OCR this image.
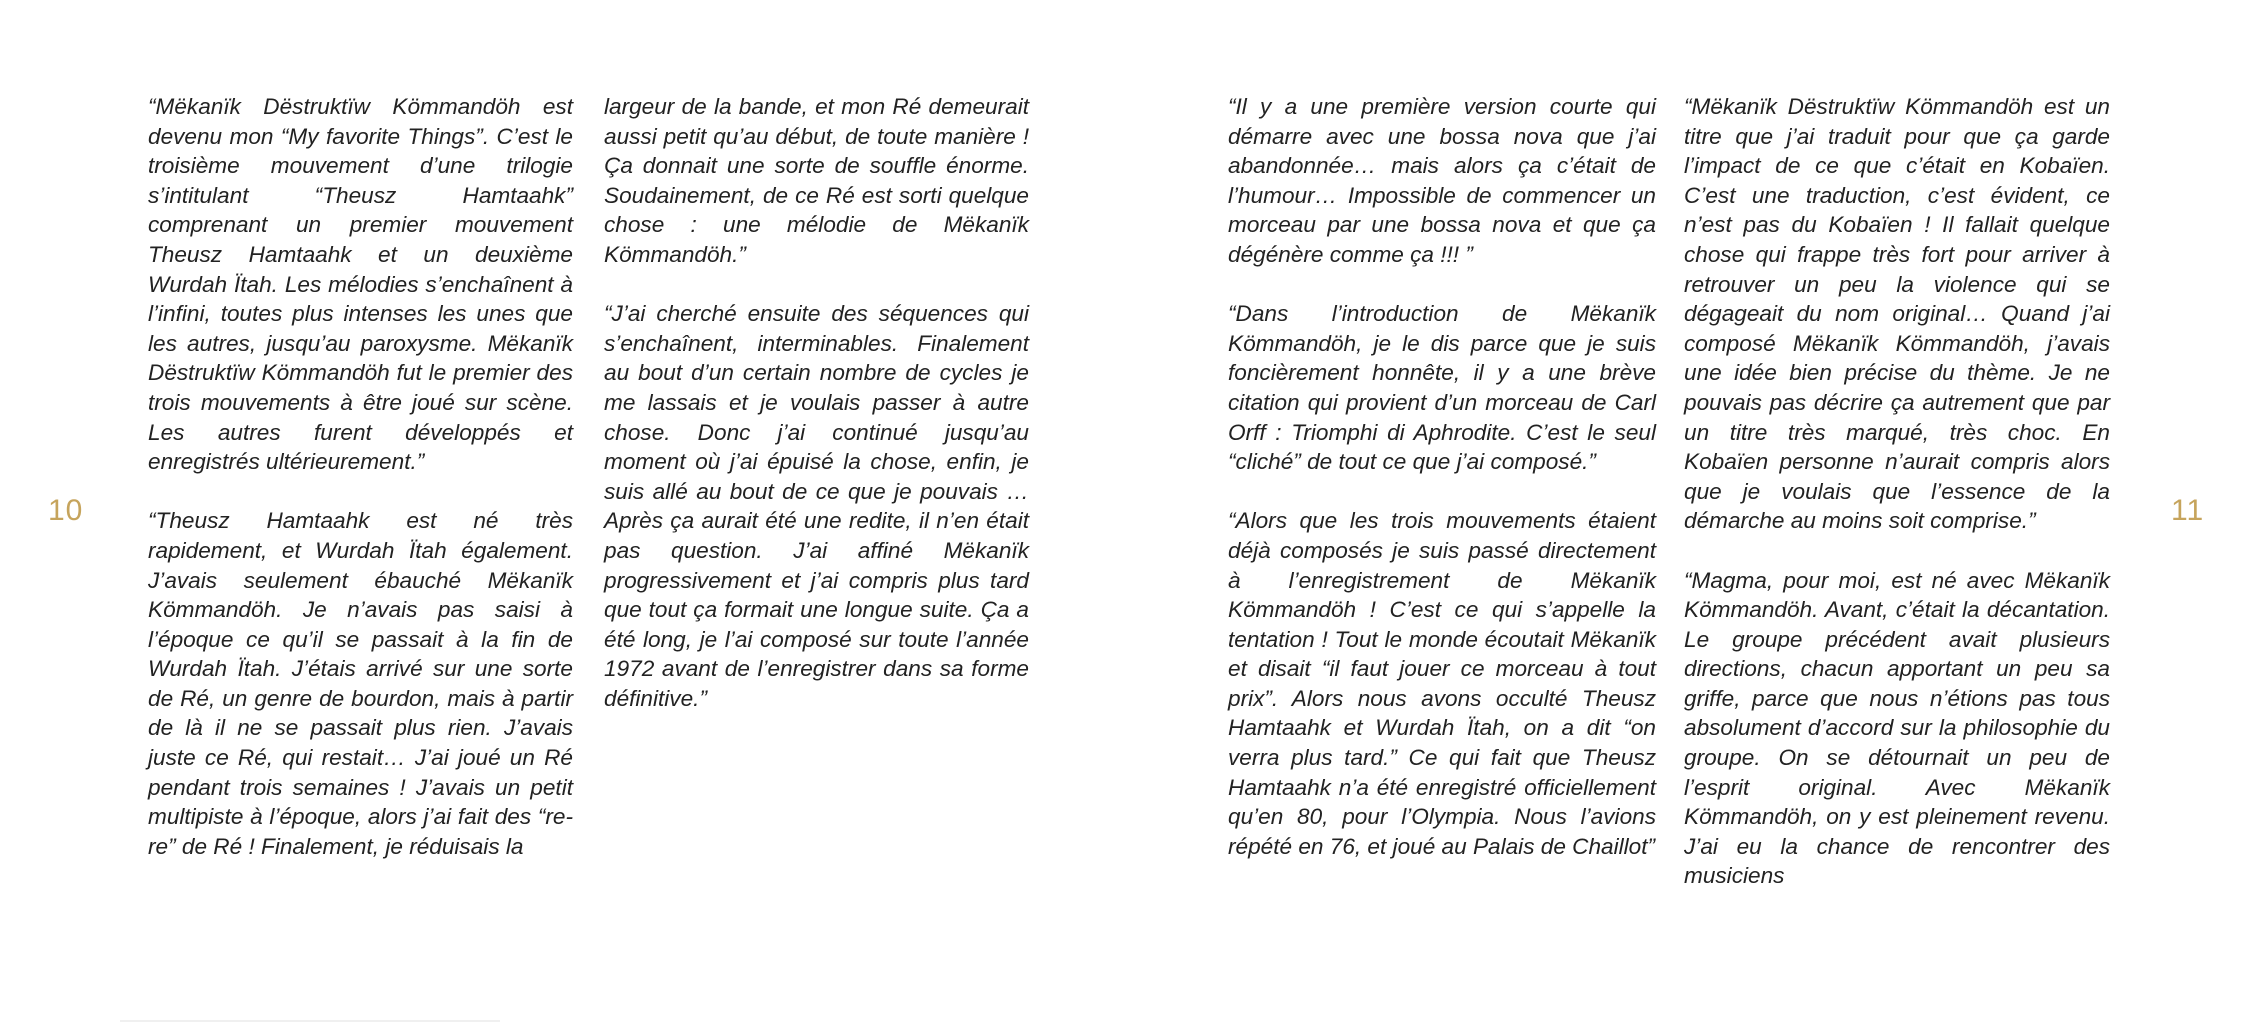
“Mëkanïk Dëstruktïw Kömmandöh est devenu mon “My favorite Things”. C’est le troisième mouvement d’une trilogie s’intitulant “Theusz Hamtaahk” comprenant un premier mouvement Theusz Hamtaahk et un deuxième Wurdah Ïtah. Les mélodies s’enchaînent à l’infini, toutes plus intenses les unes que les autres, jusqu’au paroxysme. Mëkanïk Dëstruktïw Kömmandöh fut le premier des trois mouvements à être joué sur scène. Les autres furent développés et enregistrés ultérieurement.”

“Theusz Hamtaahk est né très rapidement, et Wurdah Ïtah également. J’avais seulement ébauché Mëkanïk Kömmandöh. Je n’avais pas saisi à l’époque ce qu’il se passait à la fin de Wurdah Ïtah. J’étais arrivé sur une sorte de Ré, un genre de bourdon, mais à partir de là il ne se passait plus rien. J’avais juste ce Ré, qui restait… J’ai joué un Ré pendant trois semaines ! J’avais un petit multipiste à l’époque, alors j’ai fait des “re-re” de Ré ! Finalement, je réduisais la

largeur de la bande, et mon Ré demeurait aussi petit qu’au début, de toute manière ! Ça donnait une sorte de souffle énorme. Soudainement, de ce Ré est sorti quelque chose : une mélodie de Mëkanïk Kömmandöh.”

“J’ai cherché ensuite des séquences qui s’enchaînent, interminables. Finalement au bout d’un certain nombre de cycles je me lassais et je voulais passer à autre chose. Donc j’ai continué jusqu’au moment où j’ai épuisé la chose, enfin, je suis allé au bout de ce que je pouvais … Après ça aurait été une redite, il n’en était pas question. J’ai affiné Mëkanïk progressivement et j’ai compris plus tard que tout ça formait une longue suite. Ça a été long, je l’ai composé sur toute l’année 1972 avant de l’enregistrer dans sa forme définitive.”

10

“Il y a une première version courte qui démarre avec une bossa nova que j’ai abandonnée… mais alors ça c’était de l’humour… Impossible de commencer un morceau par une bossa nova et que ça dégénère comme ça !!! ”

“Dans l’introduction de Mëkanïk Kömmandöh, je le dis parce que je suis foncièrement honnête, il y a une brève citation qui provient d’un morceau de Carl Orff : Triomphi di Aphrodite. C’est le seul “cliché” de tout ce que j’ai composé.”

“Alors que les trois mouvements étaient déjà composés je suis passé directement à l’enregistrement de Mëkanïk Kömmandöh ! C’est ce qui s’appelle la tentation ! Tout le monde écoutait Mëkanïk et disait “il faut jouer ce morceau à tout prix”. Alors nous avons occulté Theusz Hamtaahk et Wurdah Ïtah, on a dit “on verra plus tard.” Ce qui fait que Theusz Hamtaahk n’a été enregistré officiellement qu’en 80, pour l’Olympia. Nous l’avions répété en 76, et joué au Palais de Chaillot”

“Mëkanïk Dëstruktïw Kömmandöh est un titre que j’ai traduit pour que ça garde l’impact de ce que c’était en Kobaïen. C’est une traduction, c’est évident, ce n’est pas du Kobaïen ! Il fallait quelque chose qui frappe très fort pour arriver à retrouver un peu la violence qui se dégageait du nom original… Quand j’ai composé Mëkanïk Kömmandöh, j’avais une idée bien précise du thème. Je ne pouvais pas décrire ça autrement que par un titre très marqué, très choc. En Kobaïen personne n’aurait compris alors que je voulais que l’essence de la démarche au moins soit comprise.”

“Magma, pour moi, est né avec Mëkanïk Kömmandöh. Avant, c’était la décantation. Le groupe précédent avait plusieurs directions, chacun apportant un peu sa griffe, parce que nous n’étions pas tous absolument d’accord sur la philosophie du groupe. On se détournait un peu de l’esprit original. Avec Mëkanïk Kömmandöh, on y est pleinement revenu. J’ai eu la chance de rencontrer des musiciens

11
